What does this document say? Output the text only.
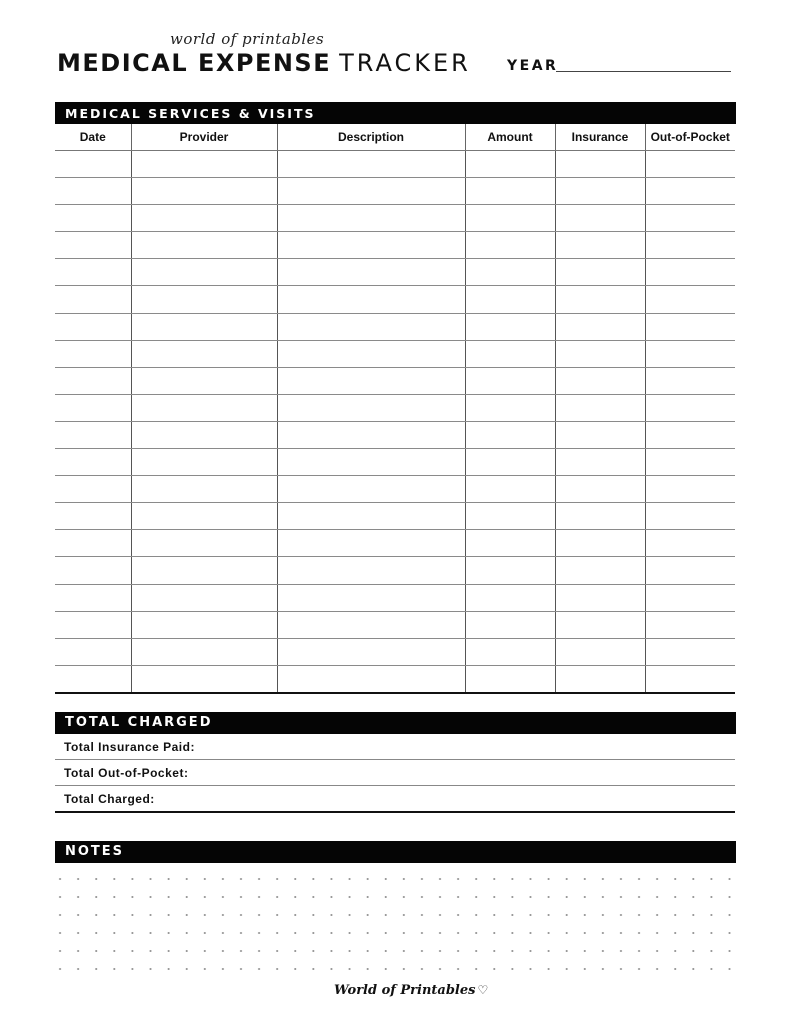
world of printables
MEDICAL EXPENSE TRACKER	YEAR
MEDICAL SERVICES & VISITS
Date	Provider	Description	Amount	Insurance	Out-of-Pocket

TOTAL CHARGED
Total Insurance Paid:
Total Out-of-Pocket:
Total Charged:
NOTES
World of Printables ♡
